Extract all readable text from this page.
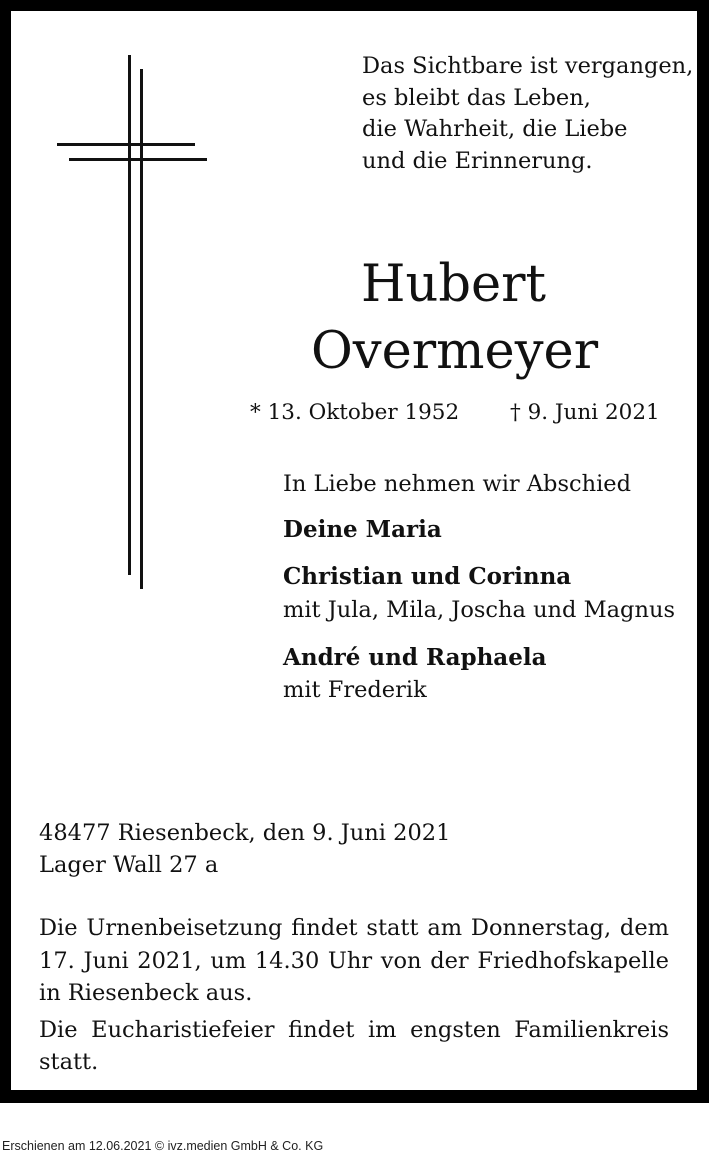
Das Sichtbare ist vergangen,
es bleibt das Leben,
die Wahrheit, die Liebe
und die Erinnerung.
Hubert
Overmeyer
* 13. Oktober 1952 † 9. Juni 2021
In Liebe nehmen wir Abschied
Deine Maria
Christian und Corinna
mit Jula, Mila, Joscha und Magnus
André und Raphaela
mit Frederik
48477 Riesenbeck, den 9. Juni 2021
Lager Wall 27 a

Die Urnenbeisetzung findet statt am Donnerstag, dem 17. Juni 2021, um 14.30 Uhr von der Friedhofskapelle in Riesenbeck aus.

Die Eucharistiefeier findet im engsten Familienkreis statt.

Erschienen am 12.06.2021 © ivz.medien GmbH & Co. KG
